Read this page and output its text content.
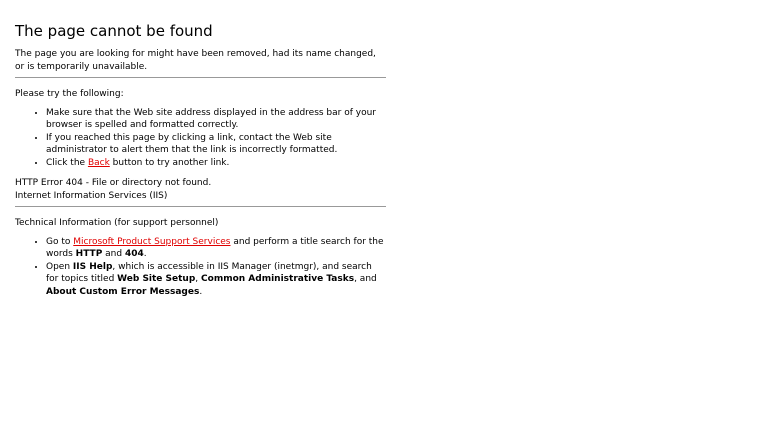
The page cannot be found

The page you are looking for might have been removed, had its name changed, or is temporarily unavailable.

Please try the following:

• Make sure that the Web site address displayed in the address bar of your browser is spelled and formatted correctly.
• If you reached this page by clicking a link, contact the Web site administrator to alert them that the link is incorrectly formatted.
• Click the Back button to try another link.

HTTP Error 404 - File or directory not found.

Internet Information Services (IIS)

Technical Information (for support personnel)

• Go to Microsoft Product Support Services and perform a title search for the words HTTP and 404.
• Open IIS Help, which is accessible in IIS Manager (inetmgr), and search for topics titled Web Site Setup, Common Administrative Tasks, and About Custom Error Messages.
